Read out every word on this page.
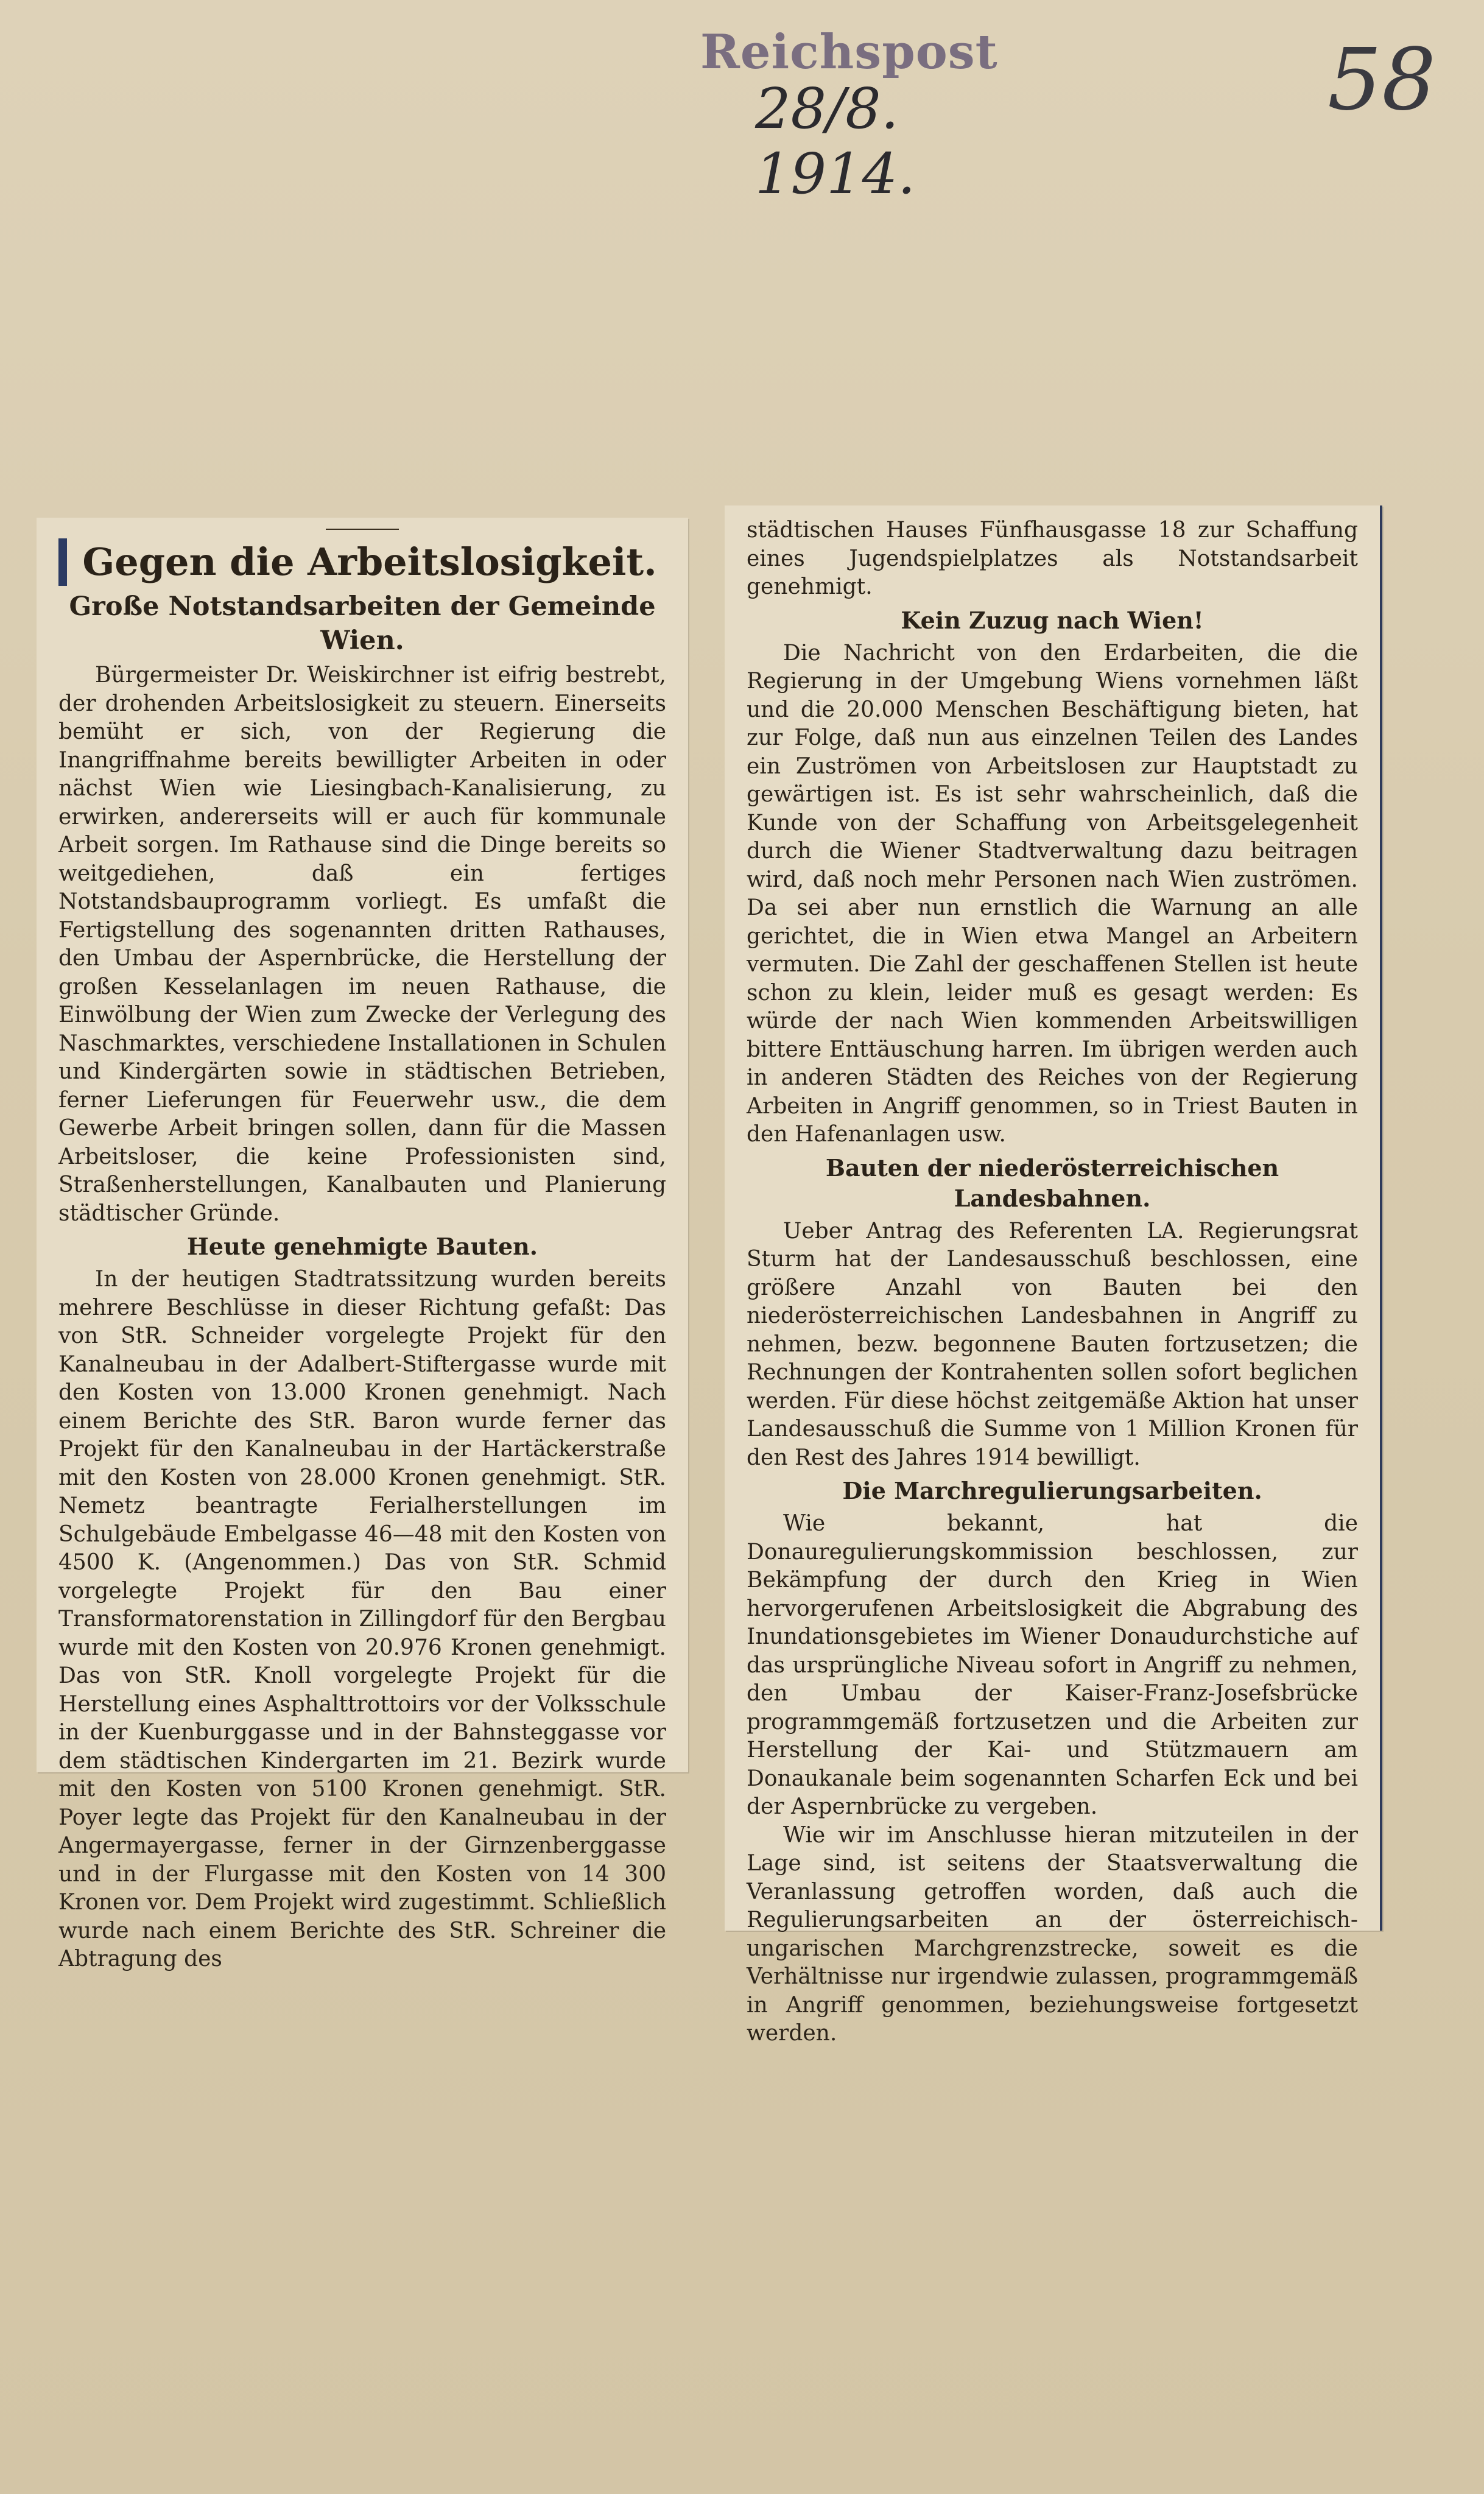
Reichspost
28/8. 1914.
58
Gegen die Arbeitslosigkeit.
Große Notstandsarbeiten der Gemeinde Wien.

Bürgermeister Dr. Weiskirchner ist eifrig bestrebt, der drohenden Arbeitslosigkeit zu steuern. Einerseits bemüht er sich, von der Regierung die Inangriffnahme bereits bewilligter Arbeiten in oder nächst Wien wie Liesingbach-Kanalisierung, zu erwirken, andererseits will er auch für kommunale Arbeit sorgen. Im Rathause sind die Dinge bereits so weitgediehen, daß ein fertiges Notstandsbauprogramm vorliegt. Es umfaßt die Fertigstellung des sogenannten dritten Rathauses, den Umbau der Aspernbrücke, die Herstellung der großen Kesselanlagen im neuen Rathause, die Einwölbung der Wien zum Zwecke der Verlegung des Naschmarktes, verschiedene Installationen in Schulen und Kindergärten sowie in städtischen Betrieben, ferner Lieferungen für Feuerwehr usw., die dem Gewerbe Arbeit bringen sollen, dann für die Massen Arbeitsloser, die keine Professionisten sind, Straßenherstellungen, Kanalbauten und Planierung städtischer Gründe.

Heute genehmigte Bauten.

In der heutigen Stadtratssitzung wurden bereits mehrere Beschlüsse in dieser Richtung gefaßt: Das von StR. Schneider vorgelegte Projekt für den Kanalneubau in der Adalbert-Stiftergasse wurde mit den Kosten von 13.000 Kronen genehmigt. Nach einem Berichte des StR. Baron wurde ferner das Projekt für den Kanalneubau in der Hartäckerstraße mit den Kosten von 28.000 Kronen genehmigt. StR. Nemetz beantragte Ferialherstellungen im Schulgebäude Embelgasse 46—48 mit den Kosten von 4500 K. (Angenommen.) Das von StR. Schmid vorgelegte Projekt für den Bau einer Transformatorenstation in Zillingdorf für den Bergbau wurde mit den Kosten von 20.976 Kronen genehmigt. Das von StR. Knoll vorgelegte Projekt für die Herstellung eines Asphalttrottoirs vor der Volksschule in der Kuenburggasse und in der Bahnsteggasse vor dem städtischen Kindergarten im 21. Bezirk wurde mit den Kosten von 5100 Kronen genehmigt. StR. Poyer legte das Projekt für den Kanalneubau in der Angermayergasse, ferner in der Girnzenberggasse und in der Flurgasse mit den Kosten von 14 300 Kronen vor. Dem Projekt wird zugestimmt. Schließlich wurde nach einem Berichte des StR. Schreiner die Abtragung des

städtischen Hauses Fünfhausgasse 18 zur Schaffung eines Jugendspielplatzes als Notstandsarbeit genehmigt.

Kein Zuzug nach Wien!

Die Nachricht von den Erdarbeiten, die die Regierung in der Umgebung Wiens vornehmen läßt und die 20.000 Menschen Beschäftigung bieten, hat zur Folge, daß nun aus einzelnen Teilen des Landes ein Zuströmen von Arbeitslosen zur Hauptstadt zu gewärtigen ist. Es ist sehr wahrscheinlich, daß die Kunde von der Schaffung von Arbeitsgelegenheit durch die Wiener Stadtverwaltung dazu beitragen wird, daß noch mehr Personen nach Wien zuströmen. Da sei aber nun ernstlich die Warnung an alle gerichtet, die in Wien etwa Mangel an Arbeitern vermuten. Die Zahl der geschaffenen Stellen ist heute schon zu klein, leider muß es gesagt werden: Es würde der nach Wien kommenden Arbeitswilligen bittere Enttäuschung harren. Im übrigen werden auch in anderen Städten des Reiches von der Regierung Arbeiten in Angriff genommen, so in Triest Bauten in den Hafenanlagen usw.

Bauten der niederösterreichischen Landesbahnen.

Ueber Antrag des Referenten LA. Regierungsrat Sturm hat der Landesausschuß beschlossen, eine größere Anzahl von Bauten bei den niederösterreichischen Landesbahnen in Angriff zu nehmen, bezw. begonnene Bauten fortzusetzen; die Rechnungen der Kontrahenten sollen sofort beglichen werden. Für diese höchst zeitgemäße Aktion hat unser Landesausschuß die Summe von 1 Million Kronen für den Rest des Jahres 1914 bewilligt.

Die Marchregulierungsarbeiten.

Wie bekannt, hat die Donauregulierungskommission beschlossen, zur Bekämpfung der durch den Krieg in Wien hervorgerufenen Arbeitslosigkeit die Abgrabung des Inundationsgebietes im Wiener Donaudurchstiche auf das ursprüngliche Niveau sofort in Angriff zu nehmen, den Umbau der Kaiser-Franz-Josefsbrücke programmgemäß fortzusetzen und die Arbeiten zur Herstellung der Kai- und Stützmauern am Donaukanale beim sogenannten Scharfen Eck und bei der Aspernbrücke zu vergeben.

Wie wir im Anschlusse hieran mitzuteilen in der Lage sind, ist seitens der Staatsverwaltung die Veranlassung getroffen worden, daß auch die Regulierungsarbeiten an der österreichisch-ungarischen Marchgrenzstrecke, soweit es die Verhältnisse nur irgendwie zulassen, programmgemäß in Angriff genommen, beziehungsweise fortgesetzt werden.
